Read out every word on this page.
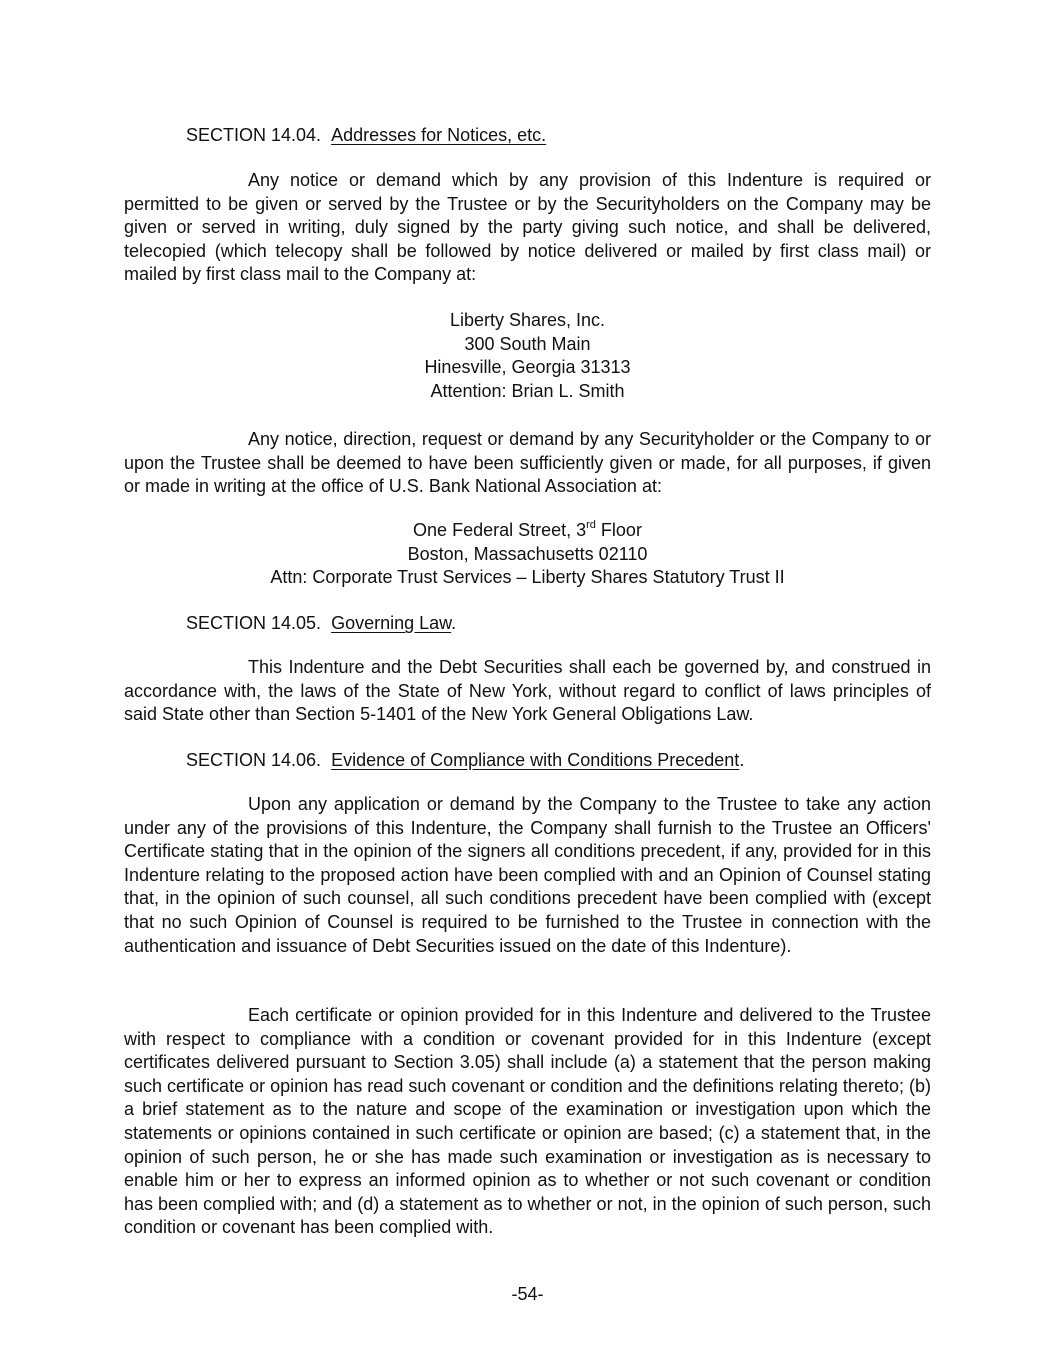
SECTION 14.04. Addresses for Notices, etc.

Any notice or demand which by any provision of this Indenture is required or permitted to be given or served by the Trustee or by the Securityholders on the Company may be given or served in writing, duly signed by the party giving such notice, and shall be delivered, telecopied (which telecopy shall be followed by notice delivered or mailed by first class mail) or mailed by first class mail to the Company at:

Liberty Shares, Inc.
300 South Main
Hinesville, Georgia 31313
Attention: Brian L. Smith

Any notice, direction, request or demand by any Securityholder or the Company to or upon the Trustee shall be deemed to have been sufficiently given or made, for all purposes, if given or made in writing at the office of U.S. Bank National Association at:

One Federal Street, 3rd Floor
Boston, Massachusetts 02110
Attn: Corporate Trust Services – Liberty Shares Statutory Trust II
SECTION 14.05. Governing Law.

This Indenture and the Debt Securities shall each be governed by, and construed in accordance with, the laws of the State of New York, without regard to conflict of laws principles of said State other than Section 5-1401 of the New York General Obligations Law.

SECTION 14.06. Evidence of Compliance with Conditions Precedent.

Upon any application or demand by the Company to the Trustee to take any action under any of the provisions of this Indenture, the Company shall furnish to the Trustee an Officers' Certificate stating that in the opinion of the signers all conditions precedent, if any, provided for in this Indenture relating to the proposed action have been complied with and an Opinion of Counsel stating that, in the opinion of such counsel, all such conditions precedent have been complied with (except that no such Opinion of Counsel is required to be furnished to the Trustee in connection with the authentication and issuance of Debt Securities issued on the date of this Indenture).

Each certificate or opinion provided for in this Indenture and delivered to the Trustee with respect to compliance with a condition or covenant provided for in this Indenture (except certificates delivered pursuant to Section 3.05) shall include (a) a statement that the person making such certificate or opinion has read such covenant or condition and the definitions relating thereto; (b) a brief statement as to the nature and scope of the examination or investigation upon which the statements or opinions contained in such certificate or opinion are based; (c) a statement that, in the opinion of such person, he or she has made such examination or investigation as is necessary to enable him or her to express an informed opinion as to whether or not such covenant or condition has been complied with; and (d) a statement as to whether or not, in the opinion of such person, such condition or covenant has been complied with.

-54-
